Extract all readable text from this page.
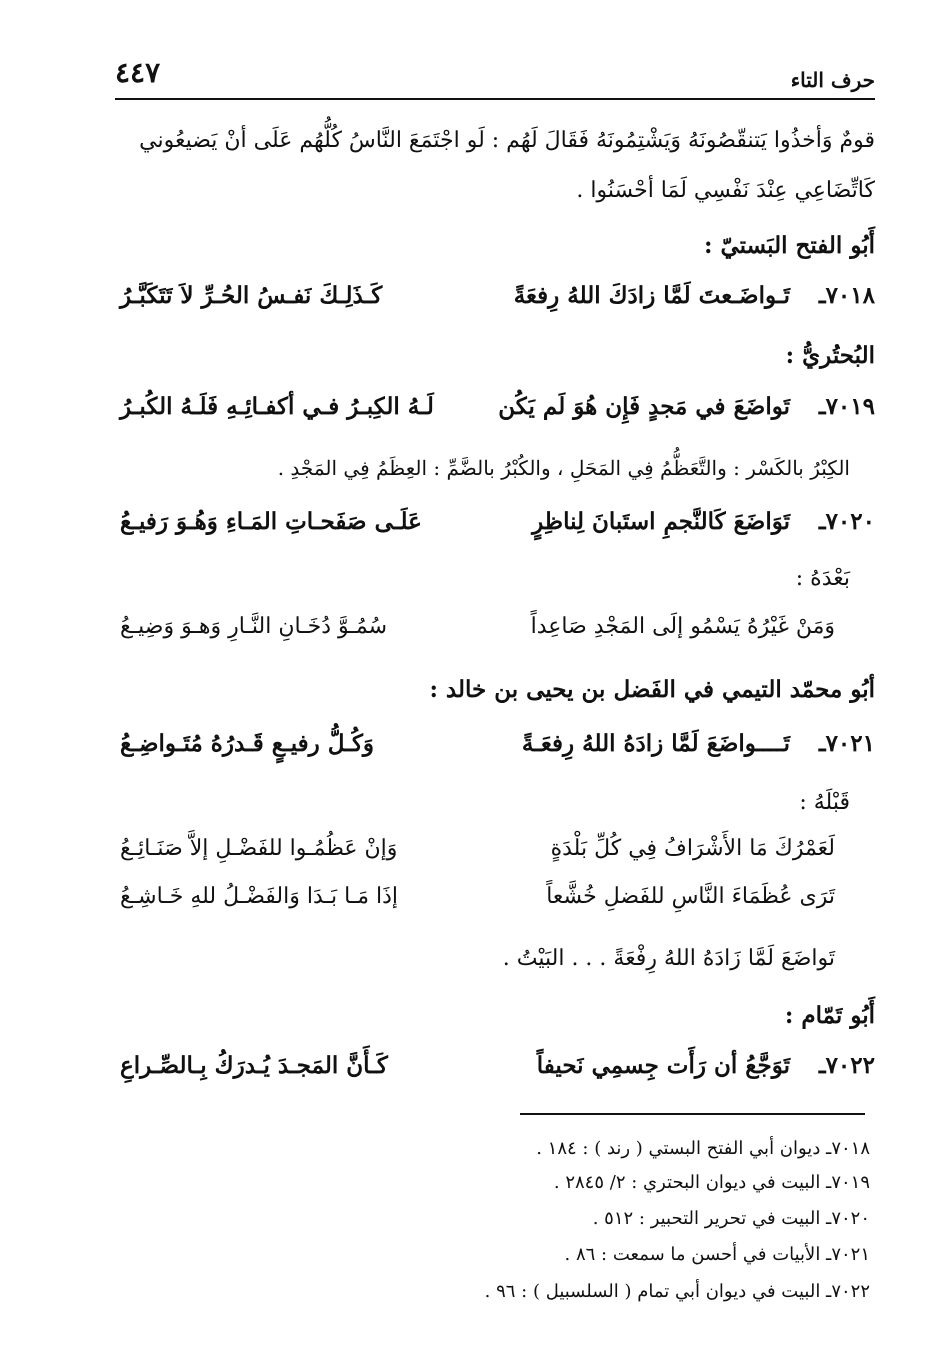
٤٤٧	حرف التاء
قومٌ وَأخذُوا يَتنقّصُونَهُ وَيَشْتِمُونَهُ فَقَالَ لَهُم : لَو اجْتَمَعَ النَّاسُ كُلُّهُم عَلَى أنْ يَضيعُوني
كَاتِّضَاعِي عِنْدَ نَفْسِي لَمَا أحْسَنُوا .
أَبُو الفتح البَستيّ :
٧٠١٨ـ
تَـواضَـعتَ لَمَّا زادَكَ اللهُ رِفعَةً
كَـذَلِـكَ نَفـسُ الحُـرِّ لاَ تَتَكَبَّـرُ
البُحتُريُّ :
٧٠١٩ـ
تَواضَعَ في مَجدٍ فَإِن هُوَ لَم يَكُن
لَـهُ الكِبـرُ فـي أكفـائِـهِ فَلَـهُ الكُبـرُ
الكِبْرُ بالكَسْر : والتَّعَظُّمُ فِي المَحَلِ ، والكُبْرُ بالضَّمِّ : العِظَمُ فِي المَجْدِ .
٧٠٢٠ـ
تَوَاضَعَ كَالنَّجمِ استَبانَ لِناظِرٍ
عَلَـى صَفَحـاتِ المَـاءِ وَهُـوَ رَفيـعُ
بَعْدَهُ :
وَمَنْ غَيْرُهُ يَسْمُو إلَى المَجْدِ صَاعِداً
سُمُـوَّ دُخَـانِ النَّـارِ وَهـوَ وَضِيـعُ
أبُو محمّد التيمي في الفَضل بن يحيى بن خالد :
٧٠٢١ـ
تَــــواضَعَ لَمَّا زادَهُ اللهُ رِفعَـةً
وَكُـلُّ رفيـعٍ قَـدرُهُ مُتَـواضِـعُ
قَبْلَهُ :
لَعَمْرُكَ مَا الأَشْرَافُ فِي كُلِّ بَلْدَةٍ
وَإنْ عَظُمُـوا للفَضْـلِ إلاَّ صَنَـائِـعُ
تَرَى عُظَمَاءَ النَّاسِ للفَضلِ خُشَّعاً
إذَا مَـا بَـدَا وَالفَضْـلُ للهِ خَـاشِـعُ
تَواضَعَ لَمَّا زَادَهُ اللهُ رِفْعَةً . . . البَيْتُ .
أَبُو تَمّام :
٧٠٢٢ـ
تَوَجَّعُ أن رَأَت جِسمِي نَحيفاً
كَـأَنَّ المَجـدَ يُـدرَكُ بِـالصِّـراعِ
٧٠١٨ـ ديوان أبي الفتح البستي ( رند ) : ١٨٤ .
٧٠١٩ـ البيت في ديوان البحتري : ٢/ ٢٨٤٥ .
٧٠٢٠ـ البيت في تحرير التحبير : ٥١٢ .
٧٠٢١ـ الأبيات في أحسن ما سمعت : ٨٦ .
٧٠٢٢ـ البيت في ديوان أبي تمام ( السلسبيل ) : ٩٦ .
